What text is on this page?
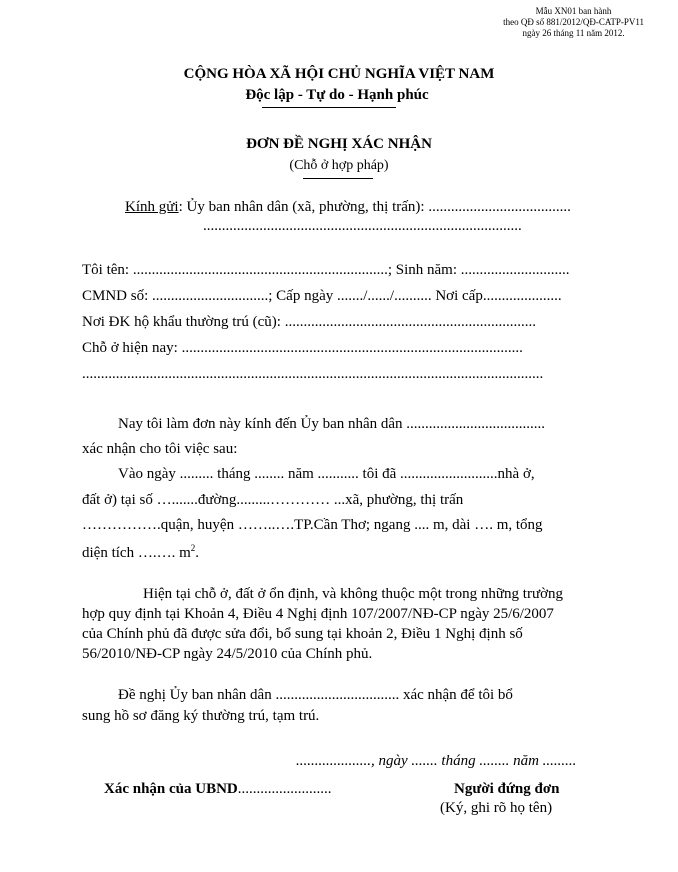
Mẫu XN01 ban hành
theo QĐ số 881/2012/QĐ-CATP-PV11
ngày 26 tháng 11 năm 2012.
CỘNG HÒA XÃ HỘI CHỦ NGHĨA VIỆT NAM
Độc lập - Tự do - Hạnh phúc
ĐƠN ĐỀ NGHỊ XÁC NHẬN
(Chỗ ở hợp pháp)
Kính gửi: Ủy ban nhân dân (xã, phường, thị trấn): ......................................
.....................................................................................
Tôi tên: ....................................................................; Sinh năm: .............................
CMND số: ...............................; Cấp ngày ......./....../.......... Nơi cấp.....................
Nơi ĐK hộ khẩu thường trú (cũ): ...................................................................
Chỗ ở hiện nay: ...........................................................................................
...........................................................................................................................
Nay tôi làm đơn này kính đến Ủy ban nhân dân .....................................
xác nhận cho tôi việc sau:
Vào ngày ......... tháng ........ năm ........... tôi đã ..........................nhà ở,
đất ở) tại số ….......đường.........………… ...xã, phường, thị trấn
…………….quận, huyện ……..….TP.Cần Thơ; ngang .... m, dài …. m, tổng
diện tích ….…. $m^2$.
Hiện tại chỗ ở, đất ở ổn định, và không thuộc một trong những trường
hợp quy định tại Khoản 4, Điều 4 Nghị định 107/2007/NĐ-CP ngày 25/6/2007
của Chính phủ đã được sửa đổi, bổ sung tại khoản 2, Điều 1 Nghị định số
56/2010/NĐ-CP ngày 24/5/2010 của Chính phủ.
Đề nghị Ủy ban nhân dân ................................. xác nhận để tôi bổ
sung hồ sơ đăng ký thường trú, tạm trú.
...................., ngày ....... tháng ........ năm .........
Xác nhận của UBND.........................	Người đứng đơn
(Ký, ghi rõ họ tên)
